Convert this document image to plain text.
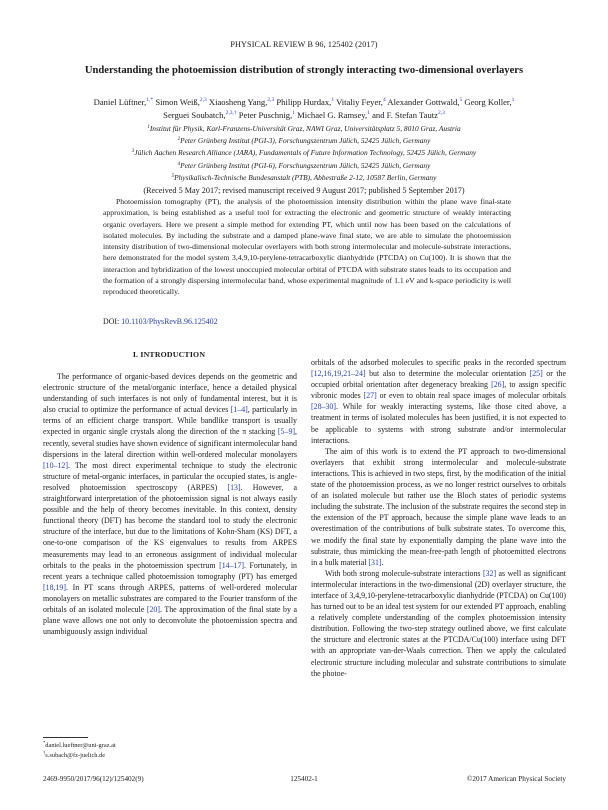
PHYSICAL REVIEW B 96, 125402 (2017)
Understanding the photoemission distribution of strongly interacting two-dimensional overlayers
Daniel Lüftner,$^{1,*}$ Simon Weiß,$^{2,3}$ Xiaosheng Yang,$^{2,3}$ Philipp Hurdax,$^1$ Vitaliy Feyer,$^4$ Alexander Gottwald,$^5$ Georg Koller,$^1$
Serguei Soubatch,$^{2,3,\dagger}$ Peter Puschnig,$^1$ Michael G. Ramsey,$^1$ and F. Stefan Tautz$^{2,3}$
$^1$Institut für Physik, Karl-Franzens-Universität Graz, NAWI Graz, Universitätsplatz 5, 8010 Graz, Austria
$^2$Peter Grünberg Institut (PGI-3), Forschungszentrum Jülich, 52425 Jülich, Germany
$^3$Jülich Aachen Research Alliance (JARA), Fundamentals of Future Information Technology, 52425 Jülich, Germany
$^4$Peter Grünberg Institut (PGI-6), Forschungszentrum Jülich, 52425 Jülich, Germany
$^5$Physikalisch-Technische Bundesanstalt (PTB), Abbestraße 2-12, 10587 Berlin, Germany
(Received 5 May 2017; revised manuscript received 9 August 2017; published 5 September 2017)
Photoemission tomography (PT), the analysis of the photoemission intensity distribution within the plane wave final-state approximation, is being established as a useful tool for extracting the electronic and geometric structure of weakly interacting organic overlayers. Here we present a simple method for extending PT, which until now has been based on the calculations of isolated molecules. By including the substrate and a damped plane-wave final state, we are able to simulate the photoemission intensity distribution of two-dimensional molecular overlayers with both strong intermolecular and molecule-substrate interactions, here demonstrated for the model system 3,4,9,10-perylene-tetracarboxylic dianhydride (PTCDA) on Cu(100). It is shown that the interaction and hybridization of the lowest unoccupied molecular orbital of PTCDA with substrate states leads to its occupation and the formation of a strongly dispersing intermolecular band, whose experimental magnitude of 1.1 eV and k-space periodicity is well reproduced theoretically.
DOI: 10.1103/PhysRevB.96.125402
I. INTRODUCTION

The performance of organic-based devices depends on the geometric and electronic structure of the metal/organic interface, hence a detailed physical understanding of such interfaces is not only of fundamental interest, but it is also crucial to optimize the performance of actual devices [1–4], particularly in terms of an efficient charge transport. While bandlike transport is usually expected in organic single crystals along the direction of the π stacking [5–9], recently, several studies have shown evidence of significant intermolecular band dispersions in the lateral direction within well-ordered molecular monolayers [10–12]. The most direct experimental technique to study the electronic structure of metal-organic interfaces, in particular the occupied states, is angle-resolved photoemission spectroscopy (ARPES) [13]. However, a straightforward interpretation of the photoemission signal is not always easily possible and the help of theory becomes inevitable. In this context, density functional theory (DFT) has become the standard tool to study the electronic structure of the interface, but due to the limitations of Kohn-Sham (KS) DFT, a one-to-one comparison of the KS eigenvalues to results from ARPES measurements may lead to an erroneous assignment of individual molecular orbitals to the peaks in the photoemission spectrum [14–17]. Fortunately, in recent years a technique called photoemission tomography (PT) has emerged [18,19]. In PT scans through ARPES, patterns of well-ordered molecular monolayers on metallic substrates are compared to the Fourier transform of the orbitals of an isolated molecule [20]. The approximation of the final state by a plane wave allows one not only to deconvolute the photoemission spectra and unambiguously assign individual

orbitals of the adsorbed molecules to specific peaks in the recorded spectrum [12,16,19,21–24] but also to determine the molecular orientation [25] or the occupied orbital orientation after degeneracy breaking [26], to assign specific vibronic modes [27] or even to obtain real space images of molecular orbitals [28–30]. While for weakly interacting systems, like those cited above, a treatment in terms of isolated molecules has been justified, it is not expected to be applicable to systems with strong substrate and/or intermolecular interactions.

The aim of this work is to extend the PT approach to two-dimensional overlayers that exhibit strong intermolecular and molecule-substrate interactions. This is achieved in two steps, first, by the modification of the initial state of the photoemission process, as we no longer restrict ourselves to orbitals of an isolated molecule but rather use the Bloch states of periodic systems including the substrate. The inclusion of the substrate requires the second step in the extension of the PT approach, because the simple plane wave leads to an overestimation of the contributions of bulk substrate states. To overcome this, we modify the final state by exponentially damping the plane wave into the substrate, thus mimicking the mean-free-path length of photoemitted electrons in a bulk material [31].

With both strong molecule-substrate interactions [32] as well as significant intermolecular interactions in the two-dimensional (2D) overlayer structure, the interface of 3,4,9,10-perylene-tetracarboxylic dianhydride (PTCDA) on Cu(100) has turned out to be an ideal test system for our extended PT approach, enabling a relatively complete understanding of the complex photoemission intensity distribution. Following the two-step strategy outlined above, we first calculate the structure and electronic states at the PTCDA/Cu(100) interface using DFT with an appropriate van-der-Waals correction. Then we apply the calculated electronic structure including molecular and substrate contributions to simulate the photoe-

*daniel.lueftner@uni-graz.at
†s.subach@fz-juelich.de
2469-9950/2017/96(12)/125402(9)	125402-1	©2017 American Physical Society
